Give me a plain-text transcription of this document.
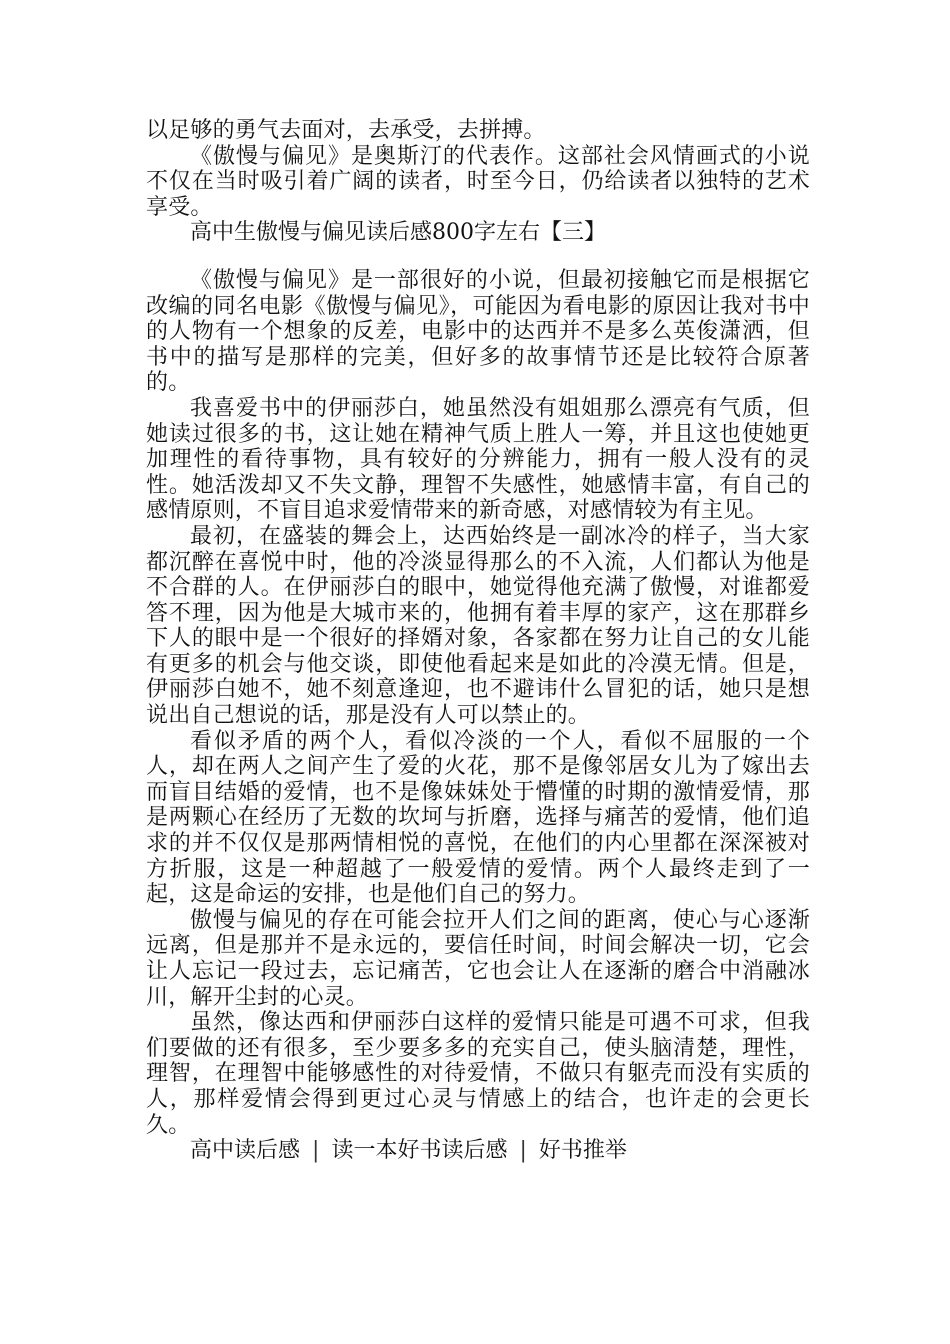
以足够的勇气去面对，去承受，去拼搏。

《傲慢与偏见》是奥斯汀的代表作。这部社会风情画式的小说不仅在当时吸引着广阔的读者，时至今日，仍给读者以独特的艺术享受。

高中生傲慢与偏见读后感800字左右【三】

《傲慢与偏见》是一部很好的小说，但最初接触它而是根据它改编的同名电影《傲慢与偏见》，可能因为看电影的原因让我对书中的人物有一个想象的反差，电影中的达西并不是多么英俊潇洒，但书中的描写是那样的完美，但好多的故事情节还是比较符合原著的。

我喜爱书中的伊丽莎白，她虽然没有姐姐那么漂亮有气质，但她读过很多的书，这让她在精神气质上胜人一筹，并且这也使她更加理性的看待事物，具有较好的分辨能力，拥有一般人没有的灵性。她活泼却又不失文静，理智不失感性，她感情丰富，有自己的感情原则，不盲目追求爱情带来的新奇感，对感情较为有主见。

最初，在盛装的舞会上，达西始终是一副冰冷的样子，当大家都沉醉在喜悦中时，他的冷淡显得那么的不入流，人们都认为他是不合群的人。在伊丽莎白的眼中，她觉得他充满了傲慢，对谁都爱答不理，因为他是大城市来的，他拥有着丰厚的家产，这在那群乡下人的眼中是一个很好的择婿对象，各家都在努力让自己的女儿能有更多的机会与他交谈，即使他看起来是如此的冷漠无情。但是，伊丽莎白她不，她不刻意逢迎，也不避讳什么冒犯的话，她只是想说出自己想说的话，那是没有人可以禁止的。

看似矛盾的两个人，看似冷淡的一个人，看似不屈服的一个人，却在两人之间产生了爱的火花，那不是像邻居女儿为了嫁出去而盲目结婚的爱情，也不是像妹妹处于懵懂的时期的激情爱情，那是两颗心在经历了无数的坎坷与折磨，选择与痛苦的爱情，他们追求的并不仅仅是那两情相悦的喜悦，在他们的内心里都在深深被对方折服，这是一种超越了一般爱情的爱情。两个人最终走到了一起，这是命运的安排，也是他们自己的努力。

傲慢与偏见的存在可能会拉开人们之间的距离，使心与心逐渐远离，但是那并不是永远的，要信任时间，时间会解决一切，它会让人忘记一段过去，忘记痛苦，它也会让人在逐渐的磨合中消融冰川，解开尘封的心灵。

虽然，像达西和伊丽莎白这样的爱情只能是可遇不可求，但我们要做的还有很多，至少要多多的充实自己，使头脑清楚，理性，理智，在理智中能够感性的对待爱情，不做只有躯壳而没有实质的人，那样爱情会得到更过心灵与情感上的结合，也许走的会更长久。

高中读后感 | 读一本好书读后感 | 好书推举
